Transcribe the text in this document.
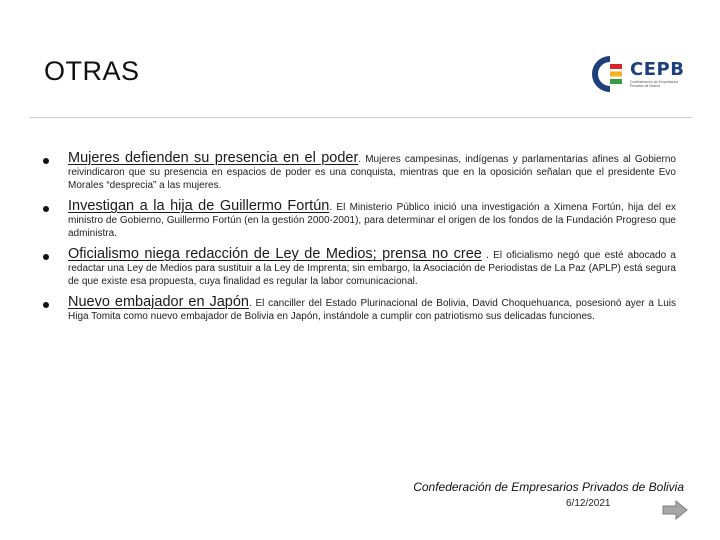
OTRAS	CEPB
Confederación de Empresarios Privados de Bolivia

Mujeres defienden su presencia en el poder. Mujeres campesinas, indígenas y parlamentarias afines al Gobierno reivindicaron que su presencia en espacios de poder es una conquista, mientras que en la oposición señalan que el presidente Evo Morales “desprecia” a las mujeres.

Investigan a la hija de Guillermo Fortún. El Ministerio Público inició una investigación a Ximena Fortún, hija del ex ministro de Gobierno, Guillermo Fortún (en la gestión 2000-2001), para determinar el origen de los fondos de la Fundación Progreso que administra.

Oficialismo niega redacción de Ley de Medios; prensa no cree . El oficialismo negó que esté abocado a redactar una Ley de Medios para sustituir a la Ley de Imprenta; sin embargo, la Asociación de Periodistas de La Paz (APLP) está segura de que existe esa propuesta, cuya finalidad es regular la labor comunicacional.

Nuevo embajador en Japón. El canciller del Estado Plurinacional de Bolivia, David Choquehuanca, posesionó ayer a Luis Higa Tomita como nuevo embajador de Bolivia en Japón, instándole a cumplir con patriotismo sus delicadas funciones.

Confederación de Empresarios Privados de Bolivia
6/12/2021
